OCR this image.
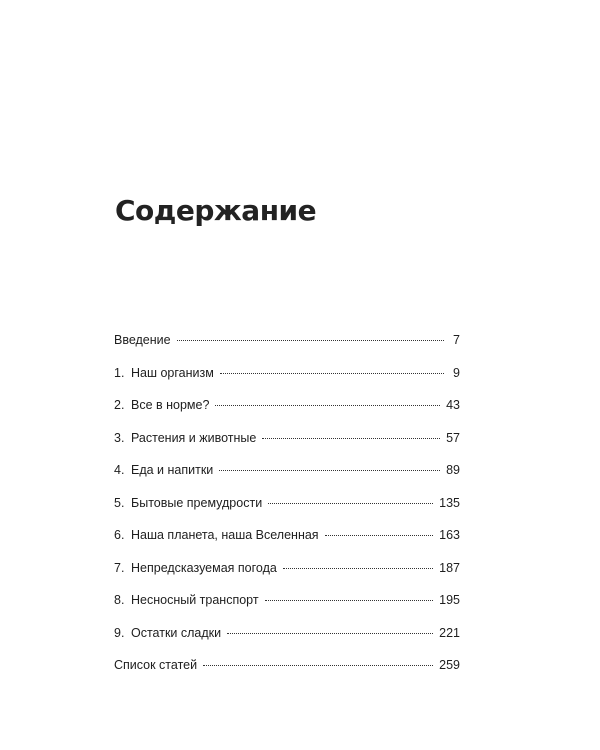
Содержание
Введение	7
1. Наш организм	9
2. Все в норме?	43
3. Растения и животные	57
4. Еда и напитки	89
5. Бытовые премудрости	135
6. Наша планета, наша Вселенная	163
7. Непредсказуемая погода	187
8. Несносный транспорт	195
9. Остатки сладки	221
Список статей	259
